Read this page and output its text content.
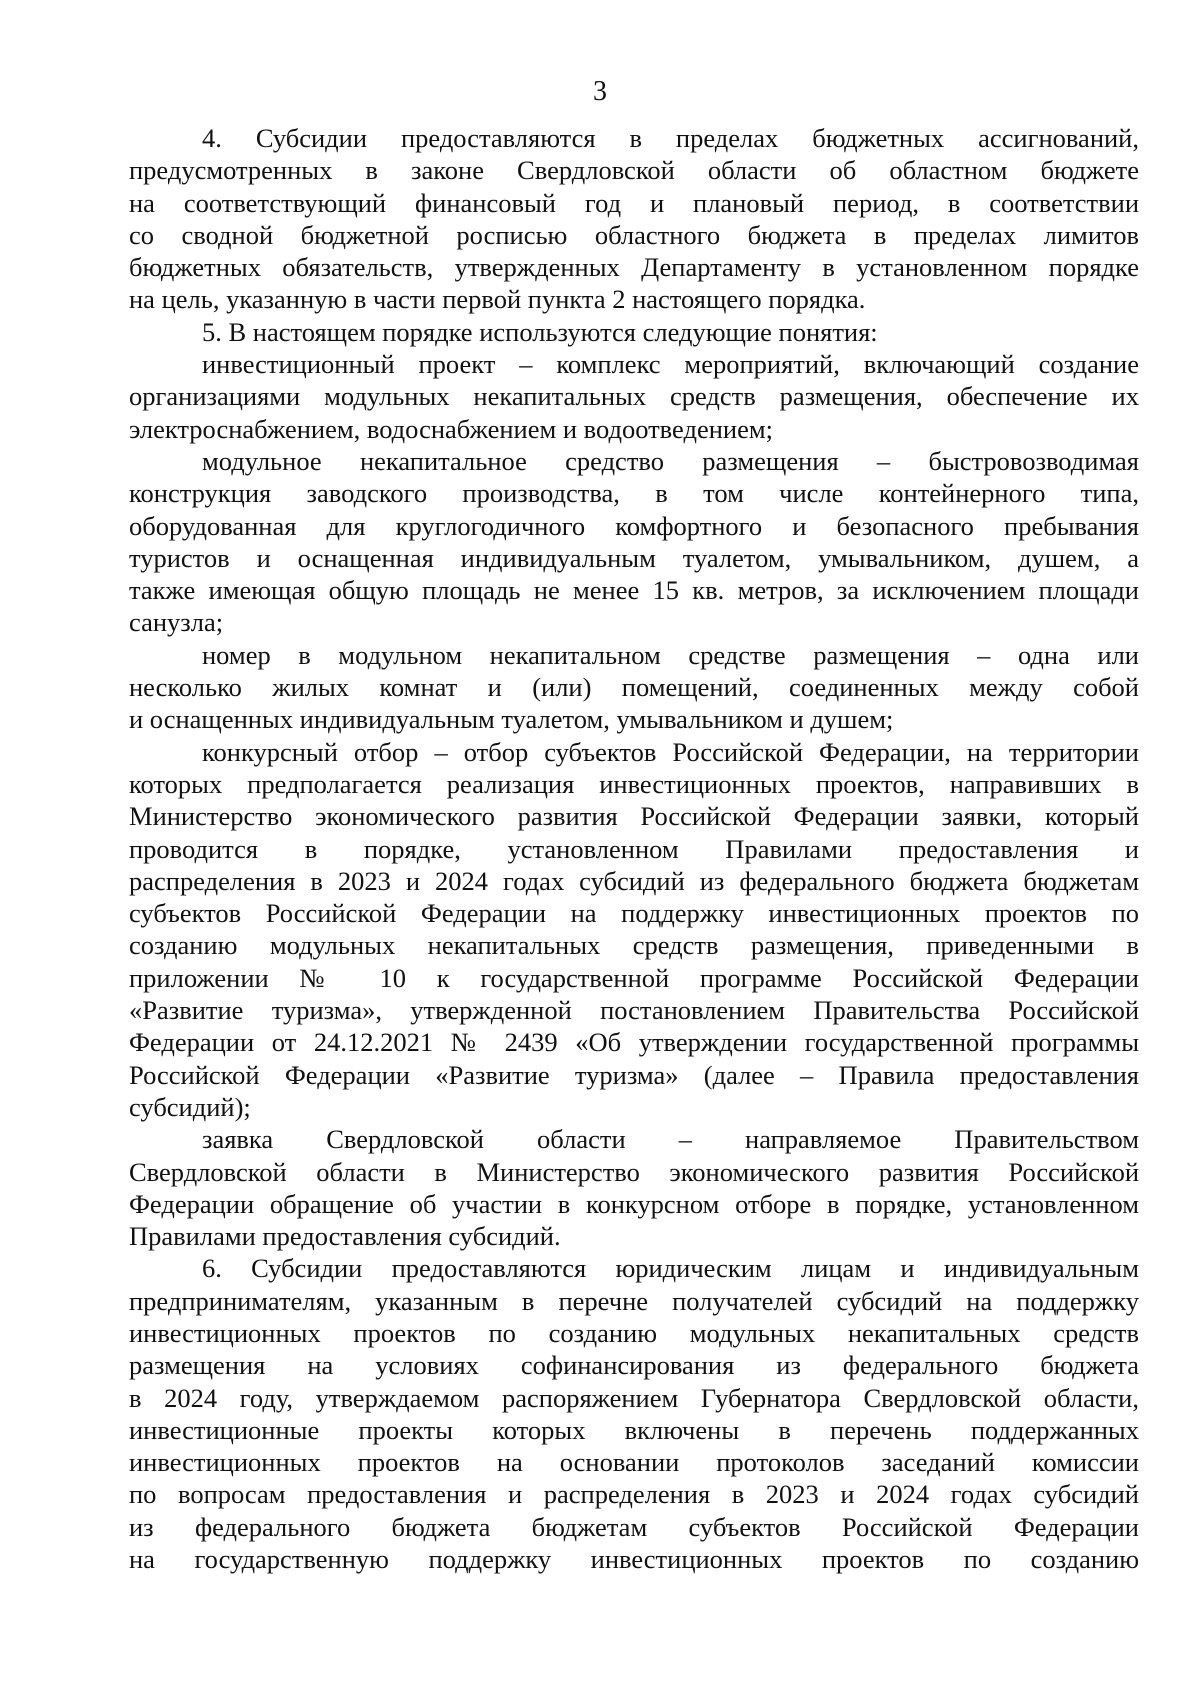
3
4. Субсидии предоставляются в пределах бюджетных ассигнований,
предусмотренных в законе Свердловской области об областном бюджете
на соответствующий финансовый год и плановый период, в соответствии
со сводной бюджетной росписью областного бюджета в пределах лимитов
бюджетных обязательств, утвержденных Департаменту в установленном порядке
на цель, указанную в части первой пункта 2 настоящего порядка.
5. В настоящем порядке используются следующие понятия:
инвестиционный проект – комплекс мероприятий, включающий создание
организациями модульных некапитальных средств размещения, обеспечение их
электроснабжением, водоснабжением и водоотведением;
модульное некапитальное средство размещения – быстровозводимая
конструкция заводского производства, в том числе контейнерного типа,
оборудованная для круглогодичного комфортного и безопасного пребывания
туристов и оснащенная индивидуальным туалетом, умывальником, душем, а
также имеющая общую площадь не менее 15 кв. метров, за исключением площади
санузла;
номер в модульном некапитальном средстве размещения – одна или
несколько жилых комнат и (или) помещений, соединенных между собой
и оснащенных индивидуальным туалетом, умывальником и душем;
конкурсный отбор – отбор субъектов Российской Федерации, на территории
которых предполагается реализация инвестиционных проектов, направивших в
Министерство экономического развития Российской Федерации заявки, который
проводится в порядке, установленном Правилами предоставления и
распределения в 2023 и 2024 годах субсидий из федерального бюджета бюджетам
субъектов Российской Федерации на поддержку инвестиционных проектов по
созданию модульных некапитальных средств размещения, приведенными в
приложении № 10 к государственной программе Российской Федерации
«Развитие туризма», утвержденной постановлением Правительства Российской
Федерации от 24.12.2021 № 2439 «Об утверждении государственной программы
Российской Федерации «Развитие туризма» (далее – Правила предоставления
субсидий);
заявка Свердловской области – направляемое Правительством
Свердловской области в Министерство экономического развития Российской
Федерации обращение об участии в конкурсном отборе в порядке, установленном
Правилами предоставления субсидий.
6. Субсидии предоставляются юридическим лицам и индивидуальным
предпринимателям, указанным в перечне получателей субсидий на поддержку
инвестиционных проектов по созданию модульных некапитальных средств
размещения на условиях софинансирования из федерального бюджета
в 2024 году, утверждаемом распоряжением Губернатора Свердловской области,
инвестиционные проекты которых включены в перечень поддержанных
инвестиционных проектов на основании протоколов заседаний комиссии
по вопросам предоставления и распределения в 2023 и 2024 годах субсидий
из федерального бюджета бюджетам субъектов Российской Федерации
на государственную поддержку инвестиционных проектов по созданию
